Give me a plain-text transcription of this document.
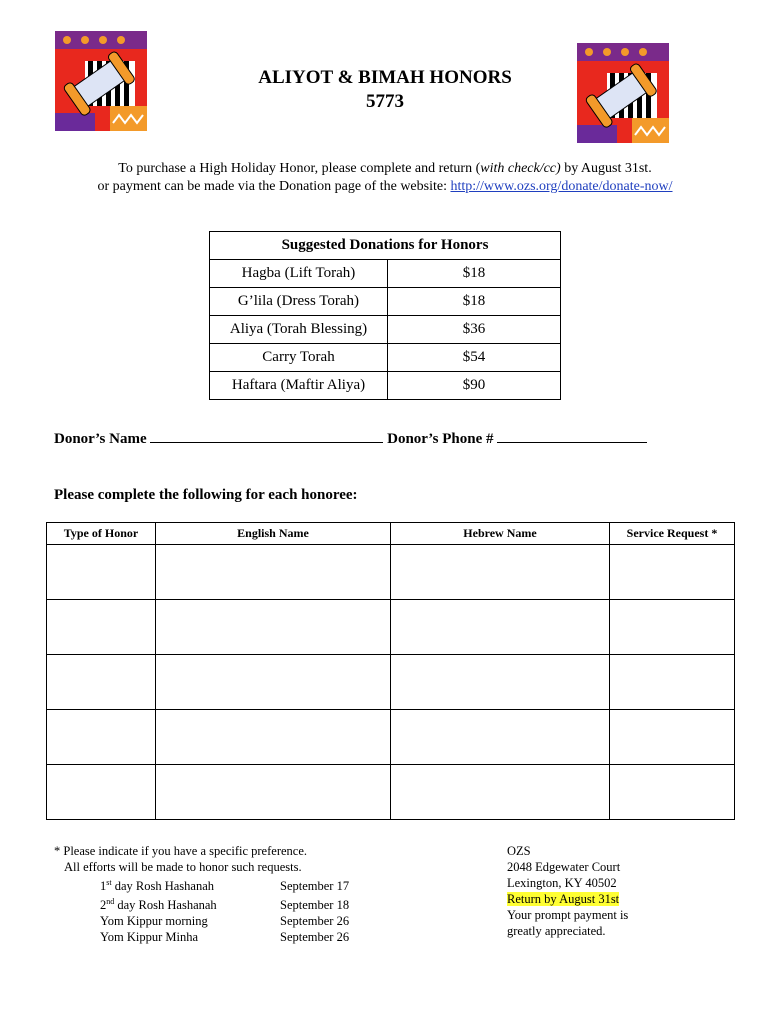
ALIYOT & BIMAH HONORS
5773
To purchase a High Holiday Honor, please complete and return (with check/cc) by August 31st.
or payment can be made via the Donation page of the website: http://www.ozs.org/donate/donate-now/
Suggested Donations for Honors	
Hagba (Lift Torah)	$18
G’lila (Dress Torah)	$18
Aliya (Torah Blessing)	$36
Carry Torah	$54
Haftara (Maftir Aliya)	$90
Donor’s Name	Donor’s Phone #
Please complete the following for each honoree:
Type of Honor	English Name	Hebrew Name	Service Request *

* Please indicate if you have a specific preference.
All efforts will be made to honor such requests.
1st day Rosh Hashanah	September 17
2nd day Rosh Hashanah	September 18
Yom Kippur morning	September 26
Yom Kippur Minha	September 26
OZS
2048 Edgewater Court
Lexington, KY 40502
Return by August 31st
Your prompt payment is
greatly appreciated.
